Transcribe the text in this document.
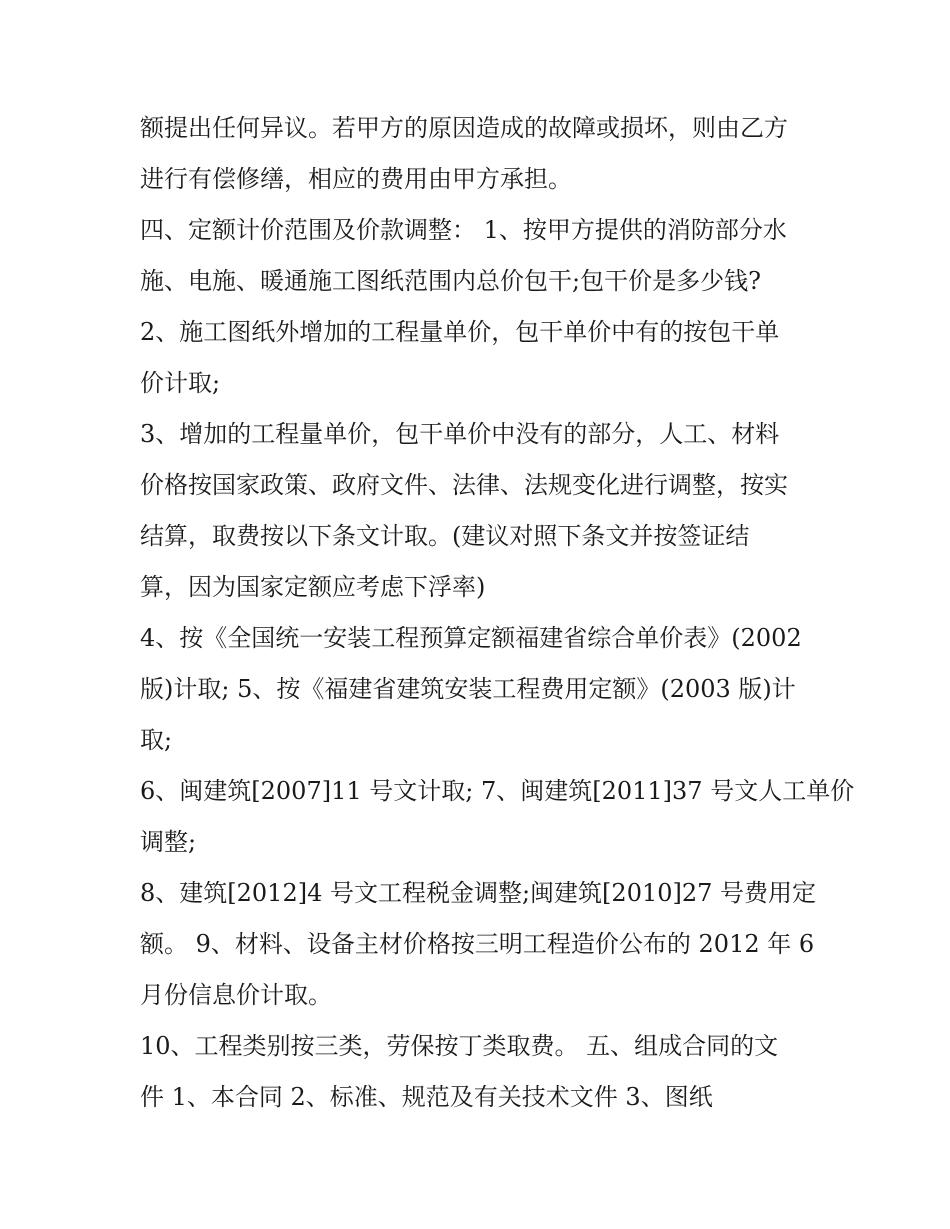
额提出任何异议。若甲方的原因造成的故障或损坏，则由乙方
进行有偿修缮，相应的费用由甲方承担。
四、定额计价范围及价款调整： 1、按甲方提供的消防部分水
施、电施、暖通施工图纸范围内总价包干;包干价是多少钱?
2、施工图纸外增加的工程量单价，包干单价中有的按包干单
价计取;
3、增加的工程量单价，包干单价中没有的部分，人工、材料
价格按国家政策、政府文件、法律、法规变化进行调整，按实
结算，取费按以下条文计取。(建议对照下条文并按签证结
算，因为国家定额应考虑下浮率)
4、按《全国统一安装工程预算定额福建省综合单价表》(2002
版)计取; 5、按《福建省建筑安装工程费用定额》(2003 版)计
取;
6、闽建筑[2007]11 号文计取; 7、闽建筑[2011]37 号文人工单价
调整;
8、建筑[2012]4 号文工程税金调整;闽建筑[2010]27 号费用定
额。 9、材料、设备主材价格按三明工程造价公布的 2012 年 6
月份信息价计取。
10、工程类别按三类，劳保按丁类取费。 五、组成合同的文
件 1、本合同 2、标准、规范及有关技术文件 3、图纸
